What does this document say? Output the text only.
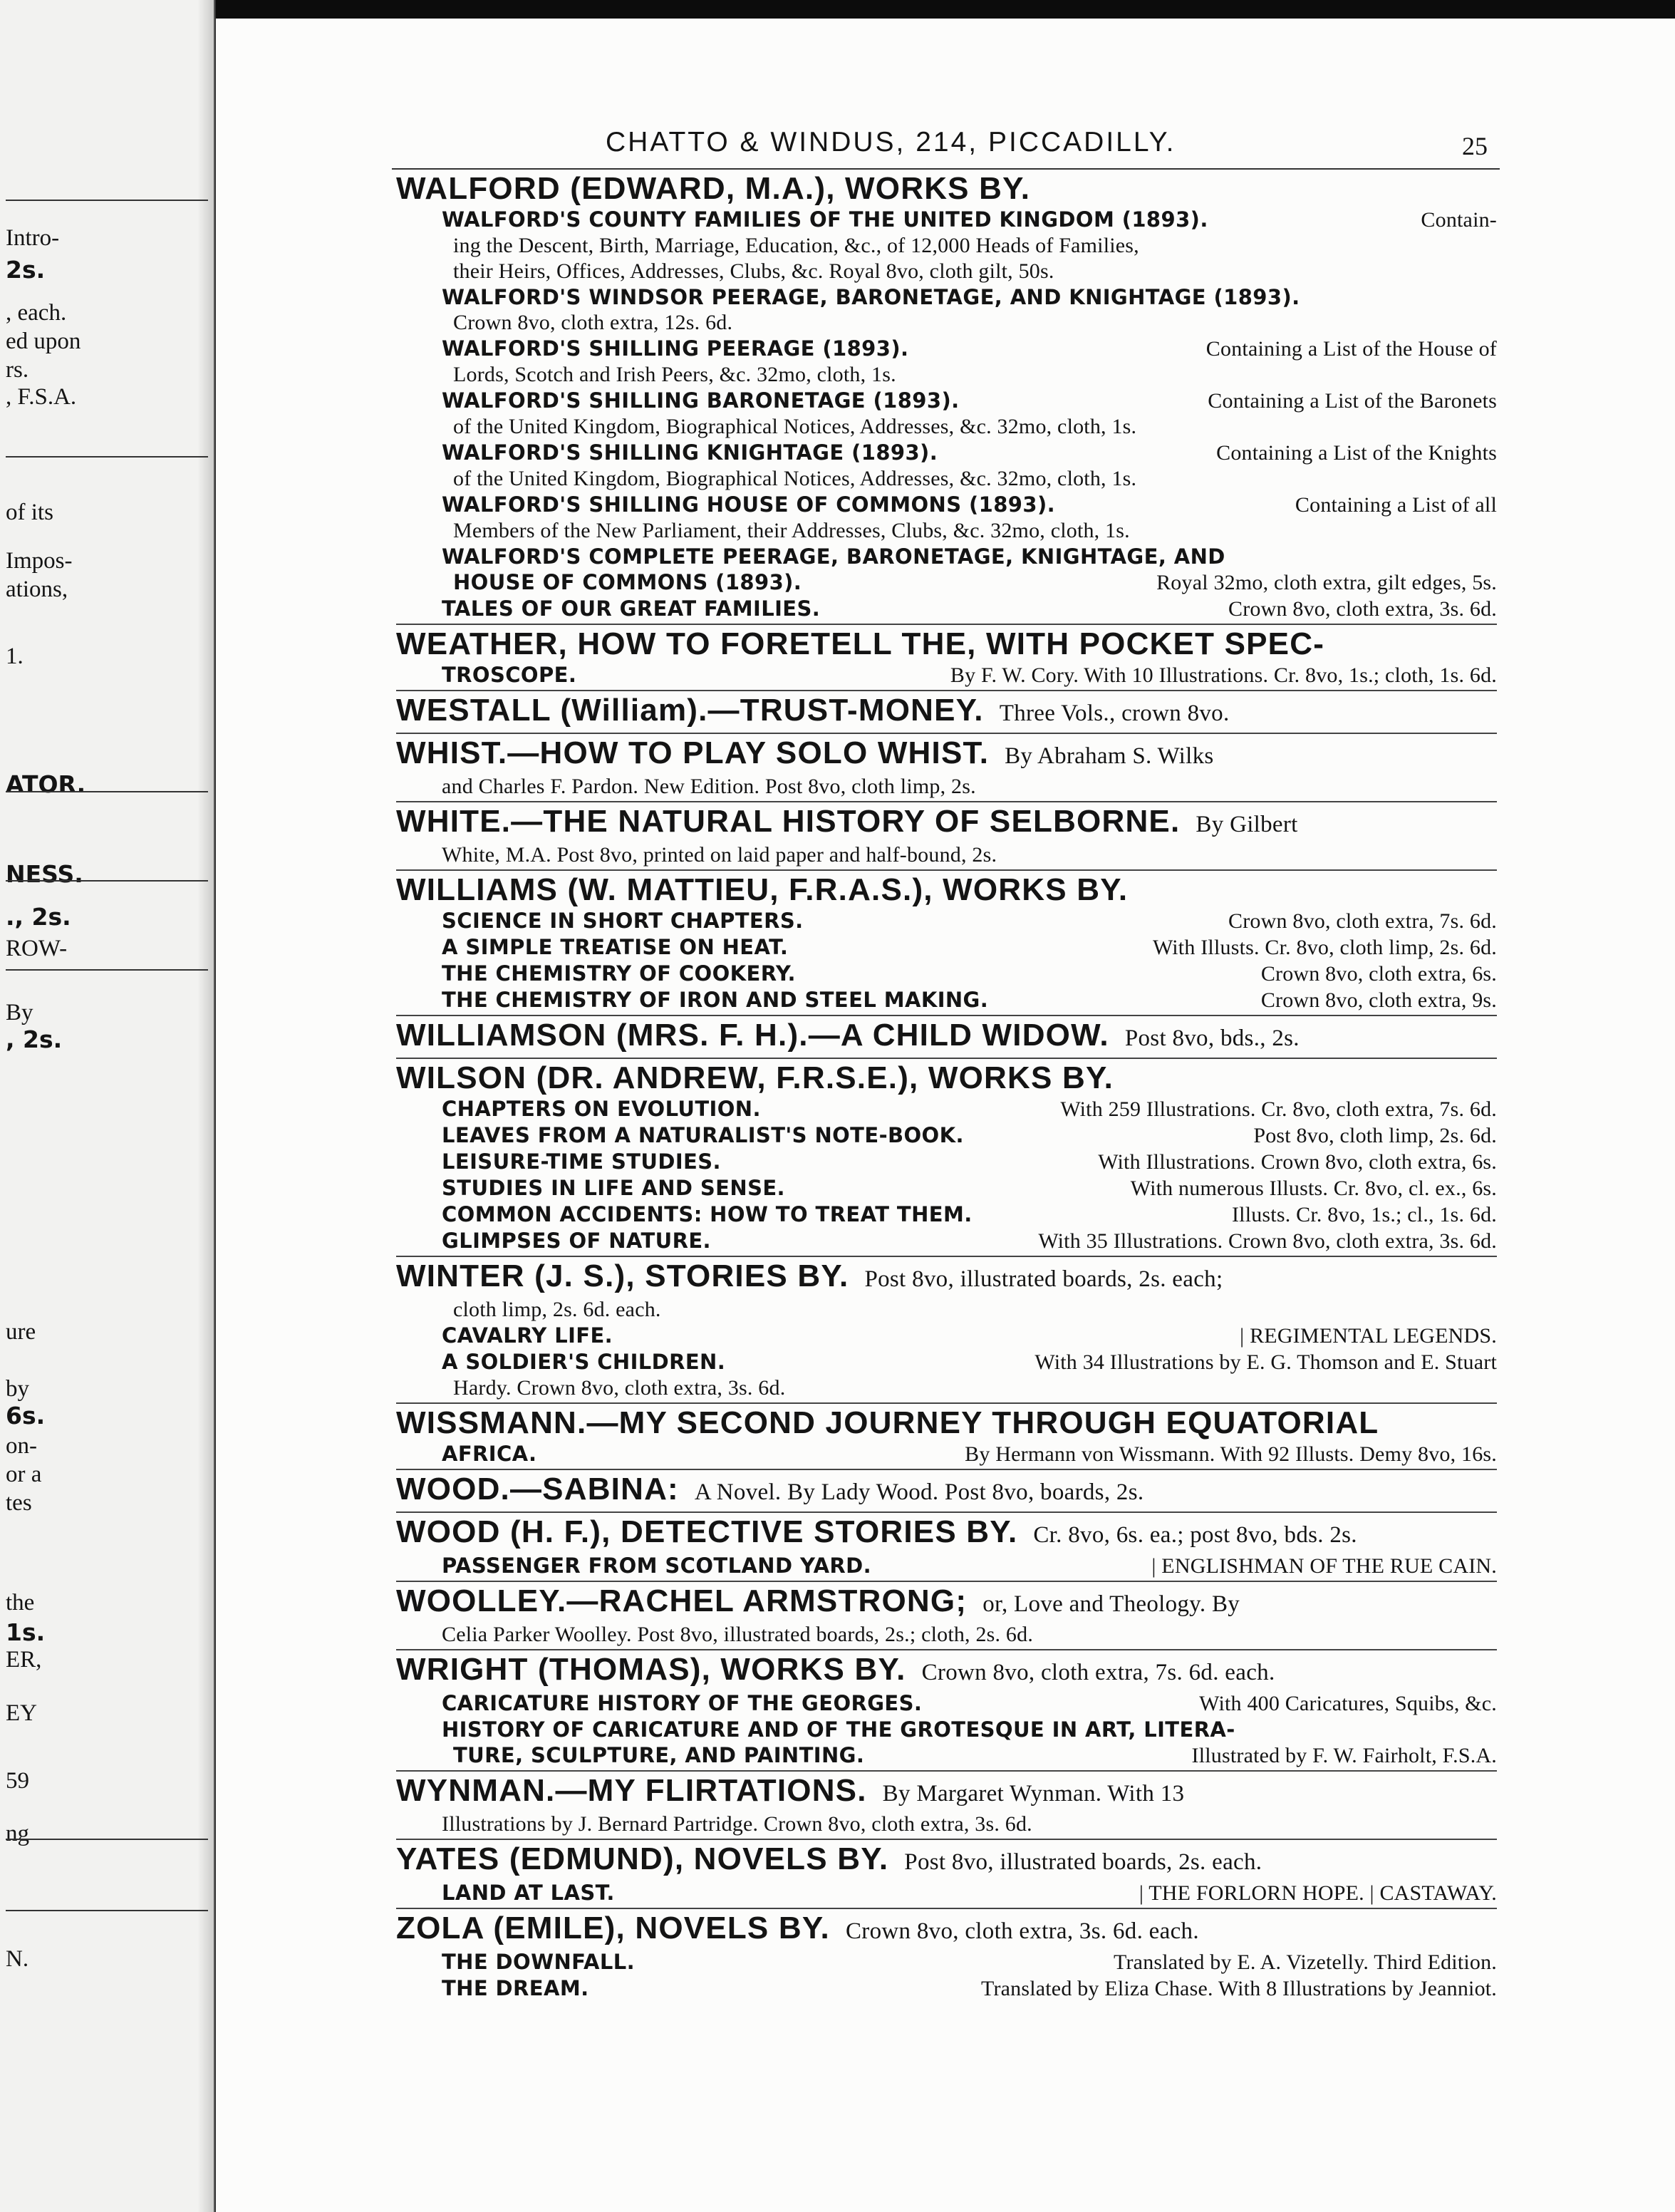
Intro-
2s.
, each.
ed upon
rs.
, F.S.A.
of its
Impos-
ations,
1.
ATOR.
NESS.
., 2s.
ROW-
By
, 2s.
ure
by
6s.
on-
or a
tes
the
1s.
ER,
EY
59
ng
N.
CHATTO & WINDUS, 214, PICCADILLY.	25
WALFORD (EDWARD, M.A.), WORKS BY.
WALFORD'S COUNTY FAMILIES OF THE UNITED KINGDOM (1893).	Contain-
ing the Descent, Birth, Marriage, Education, &c., of 12,000 Heads of Families,
their Heirs, Offices, Addresses, Clubs, &c. Royal 8vo, cloth gilt, 50s.
WALFORD'S WINDSOR PEERAGE, BARONETAGE, AND KNIGHTAGE (1893).
Crown 8vo, cloth extra, 12s. 6d.
WALFORD'S SHILLING PEERAGE (1893).	Containing a List of the House of
Lords, Scotch and Irish Peers, &c. 32mo, cloth, 1s.
WALFORD'S SHILLING BARONETAGE (1893).	Containing a List of the Baronets
of the United Kingdom, Biographical Notices, Addresses, &c. 32mo, cloth, 1s.
WALFORD'S SHILLING KNIGHTAGE (1893).	Containing a List of the Knights
of the United Kingdom, Biographical Notices, Addresses, &c. 32mo, cloth, 1s.
WALFORD'S SHILLING HOUSE OF COMMONS (1893).	Containing a List of all
Members of the New Parliament, their Addresses, Clubs, &c. 32mo, cloth, 1s.
WALFORD'S COMPLETE PEERAGE, BARONETAGE, KNIGHTAGE, AND
HOUSE OF COMMONS (1893).	Royal 32mo, cloth extra, gilt edges, 5s.
TALES OF OUR GREAT FAMILIES.	Crown 8vo, cloth extra, 3s. 6d.
WEATHER, HOW TO FORETELL THE, WITH POCKET SPEC-
TROSCOPE.	By F. W. Cory. With 10 Illustrations. Cr. 8vo, 1s.; cloth, 1s. 6d.
WESTALL (William).—TRUST-MONEY. Three Vols., crown 8vo.
WHIST.—HOW TO PLAY SOLO WHIST. By Abraham S. Wilks
and Charles F. Pardon. New Edition. Post 8vo, cloth limp, 2s.
WHITE.—THE NATURAL HISTORY OF SELBORNE. By Gilbert
White, M.A. Post 8vo, printed on laid paper and half-bound, 2s.
WILLIAMS (W. MATTIEU, F.R.A.S.), WORKS BY.
SCIENCE IN SHORT CHAPTERS.	Crown 8vo, cloth extra, 7s. 6d.
A SIMPLE TREATISE ON HEAT.	With Illusts. Cr. 8vo, cloth limp, 2s. 6d.
THE CHEMISTRY OF COOKERY.	Crown 8vo, cloth extra, 6s.
THE CHEMISTRY OF IRON AND STEEL MAKING.	Crown 8vo, cloth extra, 9s.
WILLIAMSON (MRS. F. H.).—A CHILD WIDOW. Post 8vo, bds., 2s.
WILSON (DR. ANDREW, F.R.S.E.), WORKS BY.
CHAPTERS ON EVOLUTION.	With 259 Illustrations. Cr. 8vo, cloth extra, 7s. 6d.
LEAVES FROM A NATURALIST'S NOTE-BOOK.	Post 8vo, cloth limp, 2s. 6d.
LEISURE-TIME STUDIES.	With Illustrations. Crown 8vo, cloth extra, 6s.
STUDIES IN LIFE AND SENSE.	With numerous Illusts. Cr. 8vo, cl. ex., 6s.
COMMON ACCIDENTS: HOW TO TREAT THEM.	Illusts. Cr. 8vo, 1s.; cl., 1s. 6d.
GLIMPSES OF NATURE.	With 35 Illustrations. Crown 8vo, cloth extra, 3s. 6d.
WINTER (J. S.), STORIES BY. Post 8vo, illustrated boards, 2s. each;
cloth limp, 2s. 6d. each.
CAVALRY LIFE.	| REGIMENTAL LEGENDS.
A SOLDIER'S CHILDREN.	With 34 Illustrations by E. G. Thomson and E. Stuart
Hardy. Crown 8vo, cloth extra, 3s. 6d.
WISSMANN.—MY SECOND JOURNEY THROUGH EQUATORIAL
AFRICA.	By Hermann von Wissmann. With 92 Illusts. Demy 8vo, 16s.
WOOD.—SABINA: A Novel. By Lady Wood. Post 8vo, boards, 2s.
WOOD (H. F.), DETECTIVE STORIES BY. Cr. 8vo, 6s. ea.; post 8vo, bds. 2s.
PASSENGER FROM SCOTLAND YARD.	| ENGLISHMAN OF THE RUE CAIN.
WOOLLEY.—RACHEL ARMSTRONG; or, Love and Theology. By
Celia Parker Woolley. Post 8vo, illustrated boards, 2s.; cloth, 2s. 6d.
WRIGHT (THOMAS), WORKS BY. Crown 8vo, cloth extra, 7s. 6d. each.
CARICATURE HISTORY OF THE GEORGES.	With 400 Caricatures, Squibs, &c.
HISTORY OF CARICATURE AND OF THE GROTESQUE IN ART, LITERA-
TURE, SCULPTURE, AND PAINTING.	Illustrated by F. W. Fairholt, F.S.A.
WYNMAN.—MY FLIRTATIONS. By Margaret Wynman. With 13
Illustrations by J. Bernard Partridge. Crown 8vo, cloth extra, 3s. 6d.
YATES (EDMUND), NOVELS BY. Post 8vo, illustrated boards, 2s. each.
LAND AT LAST.	| THE FORLORN HOPE. | CASTAWAY.
ZOLA (EMILE), NOVELS BY. Crown 8vo, cloth extra, 3s. 6d. each.
THE DOWNFALL.	Translated by E. A. Vizetelly. Third Edition.
THE DREAM.	Translated by Eliza Chase. With 8 Illustrations by Jeanniot.
